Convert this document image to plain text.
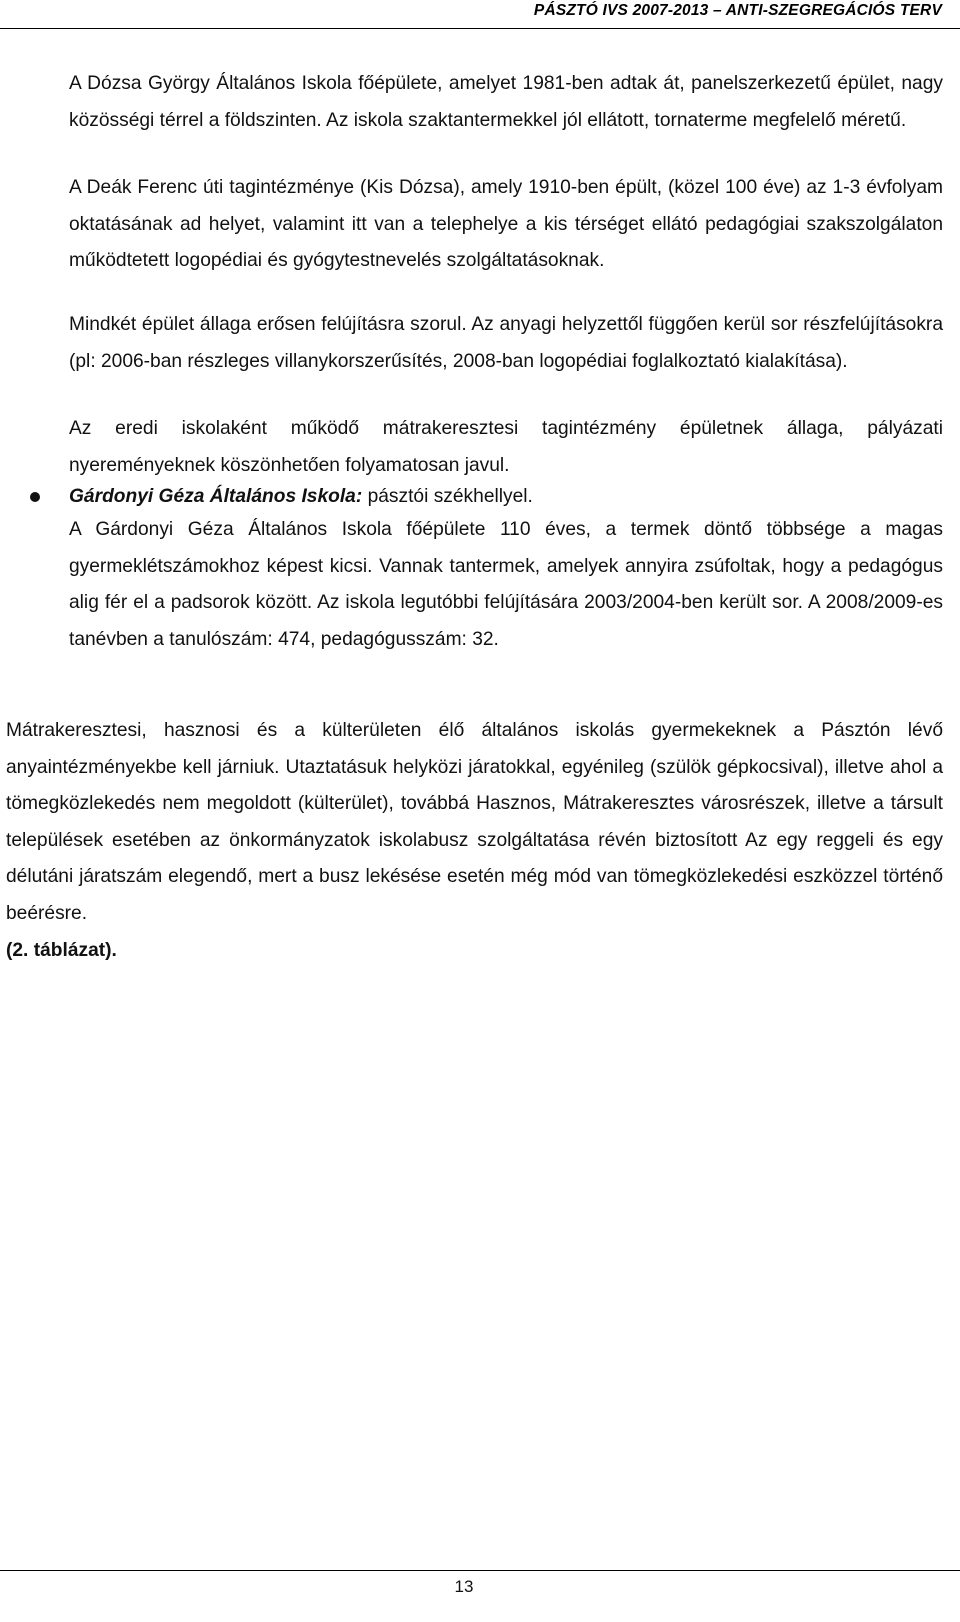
PÁSZTÓ IVS 2007-2013 – ANTI-SZEGREGÁCIÓS TERV

A Dózsa György Általános Iskola főépülete, amelyet 1981-ben adtak át, panelszerkezetű épület, nagy közösségi térrel a földszinten. Az iskola szaktantermekkel jól ellátott, tornaterme megfelelő méretű.

A Deák Ferenc úti tagintézménye (Kis Dózsa), amely 1910-ben épült, (közel 100 éve) az 1-3 évfolyam oktatásának ad helyet, valamint itt van a telephelye a kis térséget ellátó pedagógiai szakszolgálaton működtetett logopédiai és gyógytestnevelés szolgáltatásoknak.

Mindkét épület állaga erősen felújításra szorul. Az anyagi helyzettől függően kerül sor részfelújításokra (pl: 2006-ban részleges villanykorszerűsítés, 2008-ban logopédiai foglalkoztató kialakítása).

Az eredi iskolaként működő mátrakeresztesi tagintézmény épületnek állaga, pályázati nyereményeknek köszönhetően folyamatosan javul.

Gárdonyi Géza Általános Iskola: pásztói székhellyel.

A Gárdonyi Géza Általános Iskola főépülete 110 éves, a termek döntő többsége a magas gyermeklétszámokhoz képest kicsi. Vannak tantermek, amelyek annyira zsúfoltak, hogy a pedagógus alig fér el a padsorok között. Az iskola legutóbbi felújítására 2003/2004-ben került sor. A 2008/2009-es tanévben a tanulószám: 474, pedagógusszám: 32.

Mátrakeresztesi, hasznosi és a külterületen élő általános iskolás gyermekeknek a Pásztón lévő anyaintézményekbe kell járniuk. Utaztatásuk helyközi járatokkal, egyénileg (szülök gépkocsival), illetve ahol a tömegközlekedés nem megoldott (külterület), továbbá Hasznos, Mátrakeresztes városrészek, illetve a társult települések esetében az önkormányzatok iskolabusz szolgáltatása révén biztosított Az egy reggeli és egy délutáni járatszám elegendő, mert a busz lekésése esetén még mód van tömegközlekedési eszközzel történő beérésre.
(2. táblázat).

13
